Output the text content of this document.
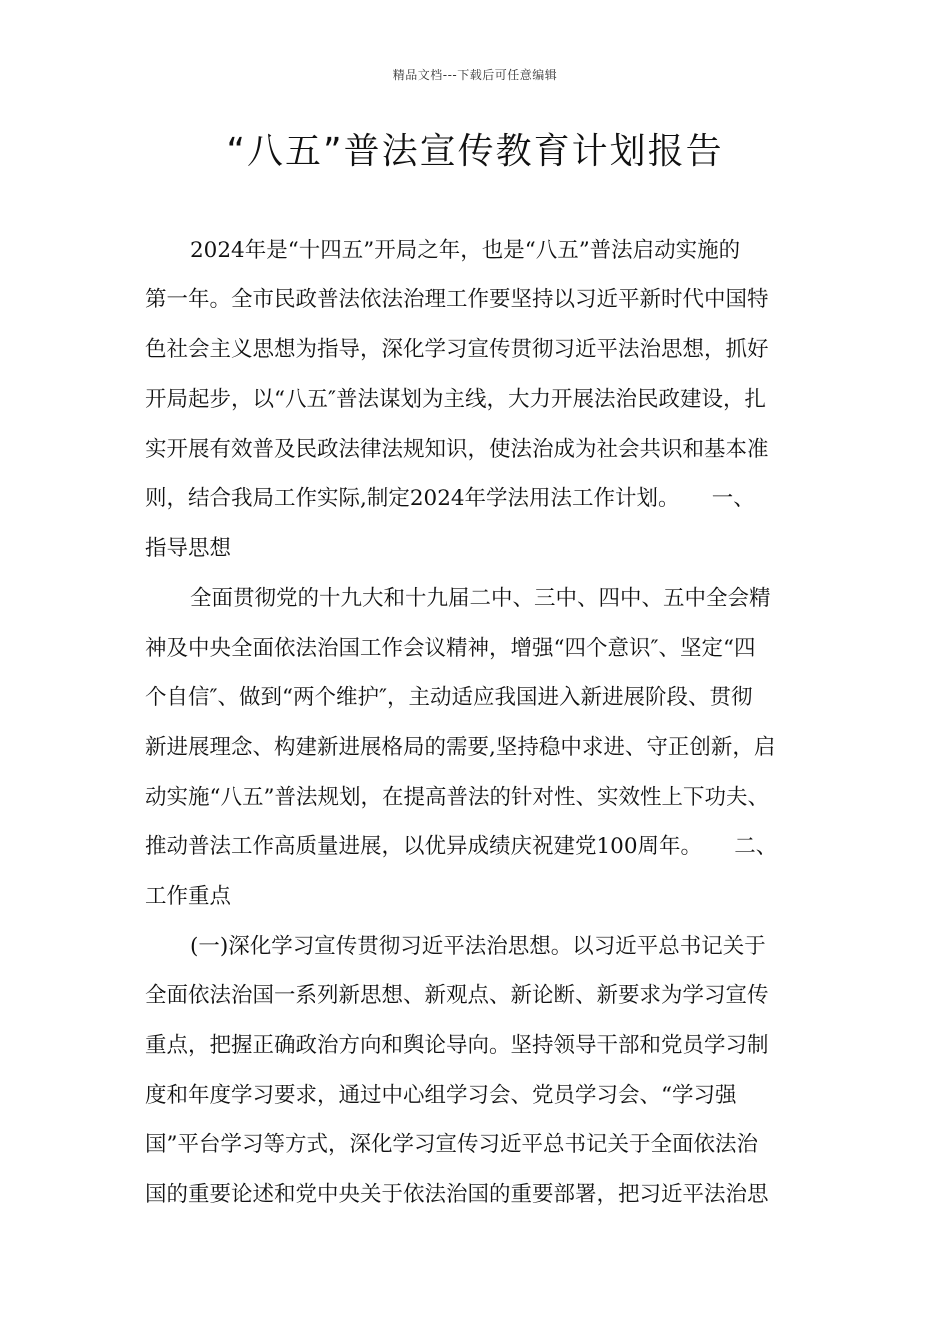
精品文档---下载后可任意编辑
“八五”普法宣传教育计划报告
2024年是“十四五”开局之年，也是“八五”普法启动实施的
第一年。全市民政普法依法治理工作要坚持以习近平新时代中国特
色社会主义思想为指导，深化学习宣传贯彻习近平法治思想，抓好
开局起步，以“八五″普法谋划为主线，大力开展法治民政建设，扎
实开展有效普及民政法律法规知识，使法治成为社会共识和基本准
则，结合我局工作实际,制定2024年学法用法工作计划。　　一、
指导思想
全面贯彻党的十九大和十九届二中、三中、四中、五中全会精
神及中央全面依法治国工作会议精神，增强“四个意识″、坚定“四
个自信″、做到“两个维护″，主动适应我国进入新进展阶段、贯彻
新进展理念、构建新进展格局的需要,坚持稳中求进、守正创新，启
动实施“八五”普法规划，在提高普法的针对性、实效性上下功夫、
推动普法工作高质量进展，以优异成绩庆祝建党100周年。　　二、
工作重点
(一)深化学习宣传贯彻习近平法治思想。以习近平总书记关于
全面依法治国一系列新思想、新观点、新论断、新要求为学习宣传
重点，把握正确政治方向和舆论导向。坚持领导干部和党员学习制
度和年度学习要求，通过中心组学习会、党员学习会、“学习强
国”平台学习等方式，深化学习宣传习近平总书记关于全面依法治
国的重要论述和党中央关于依法治国的重要部署，把习近平法治思
